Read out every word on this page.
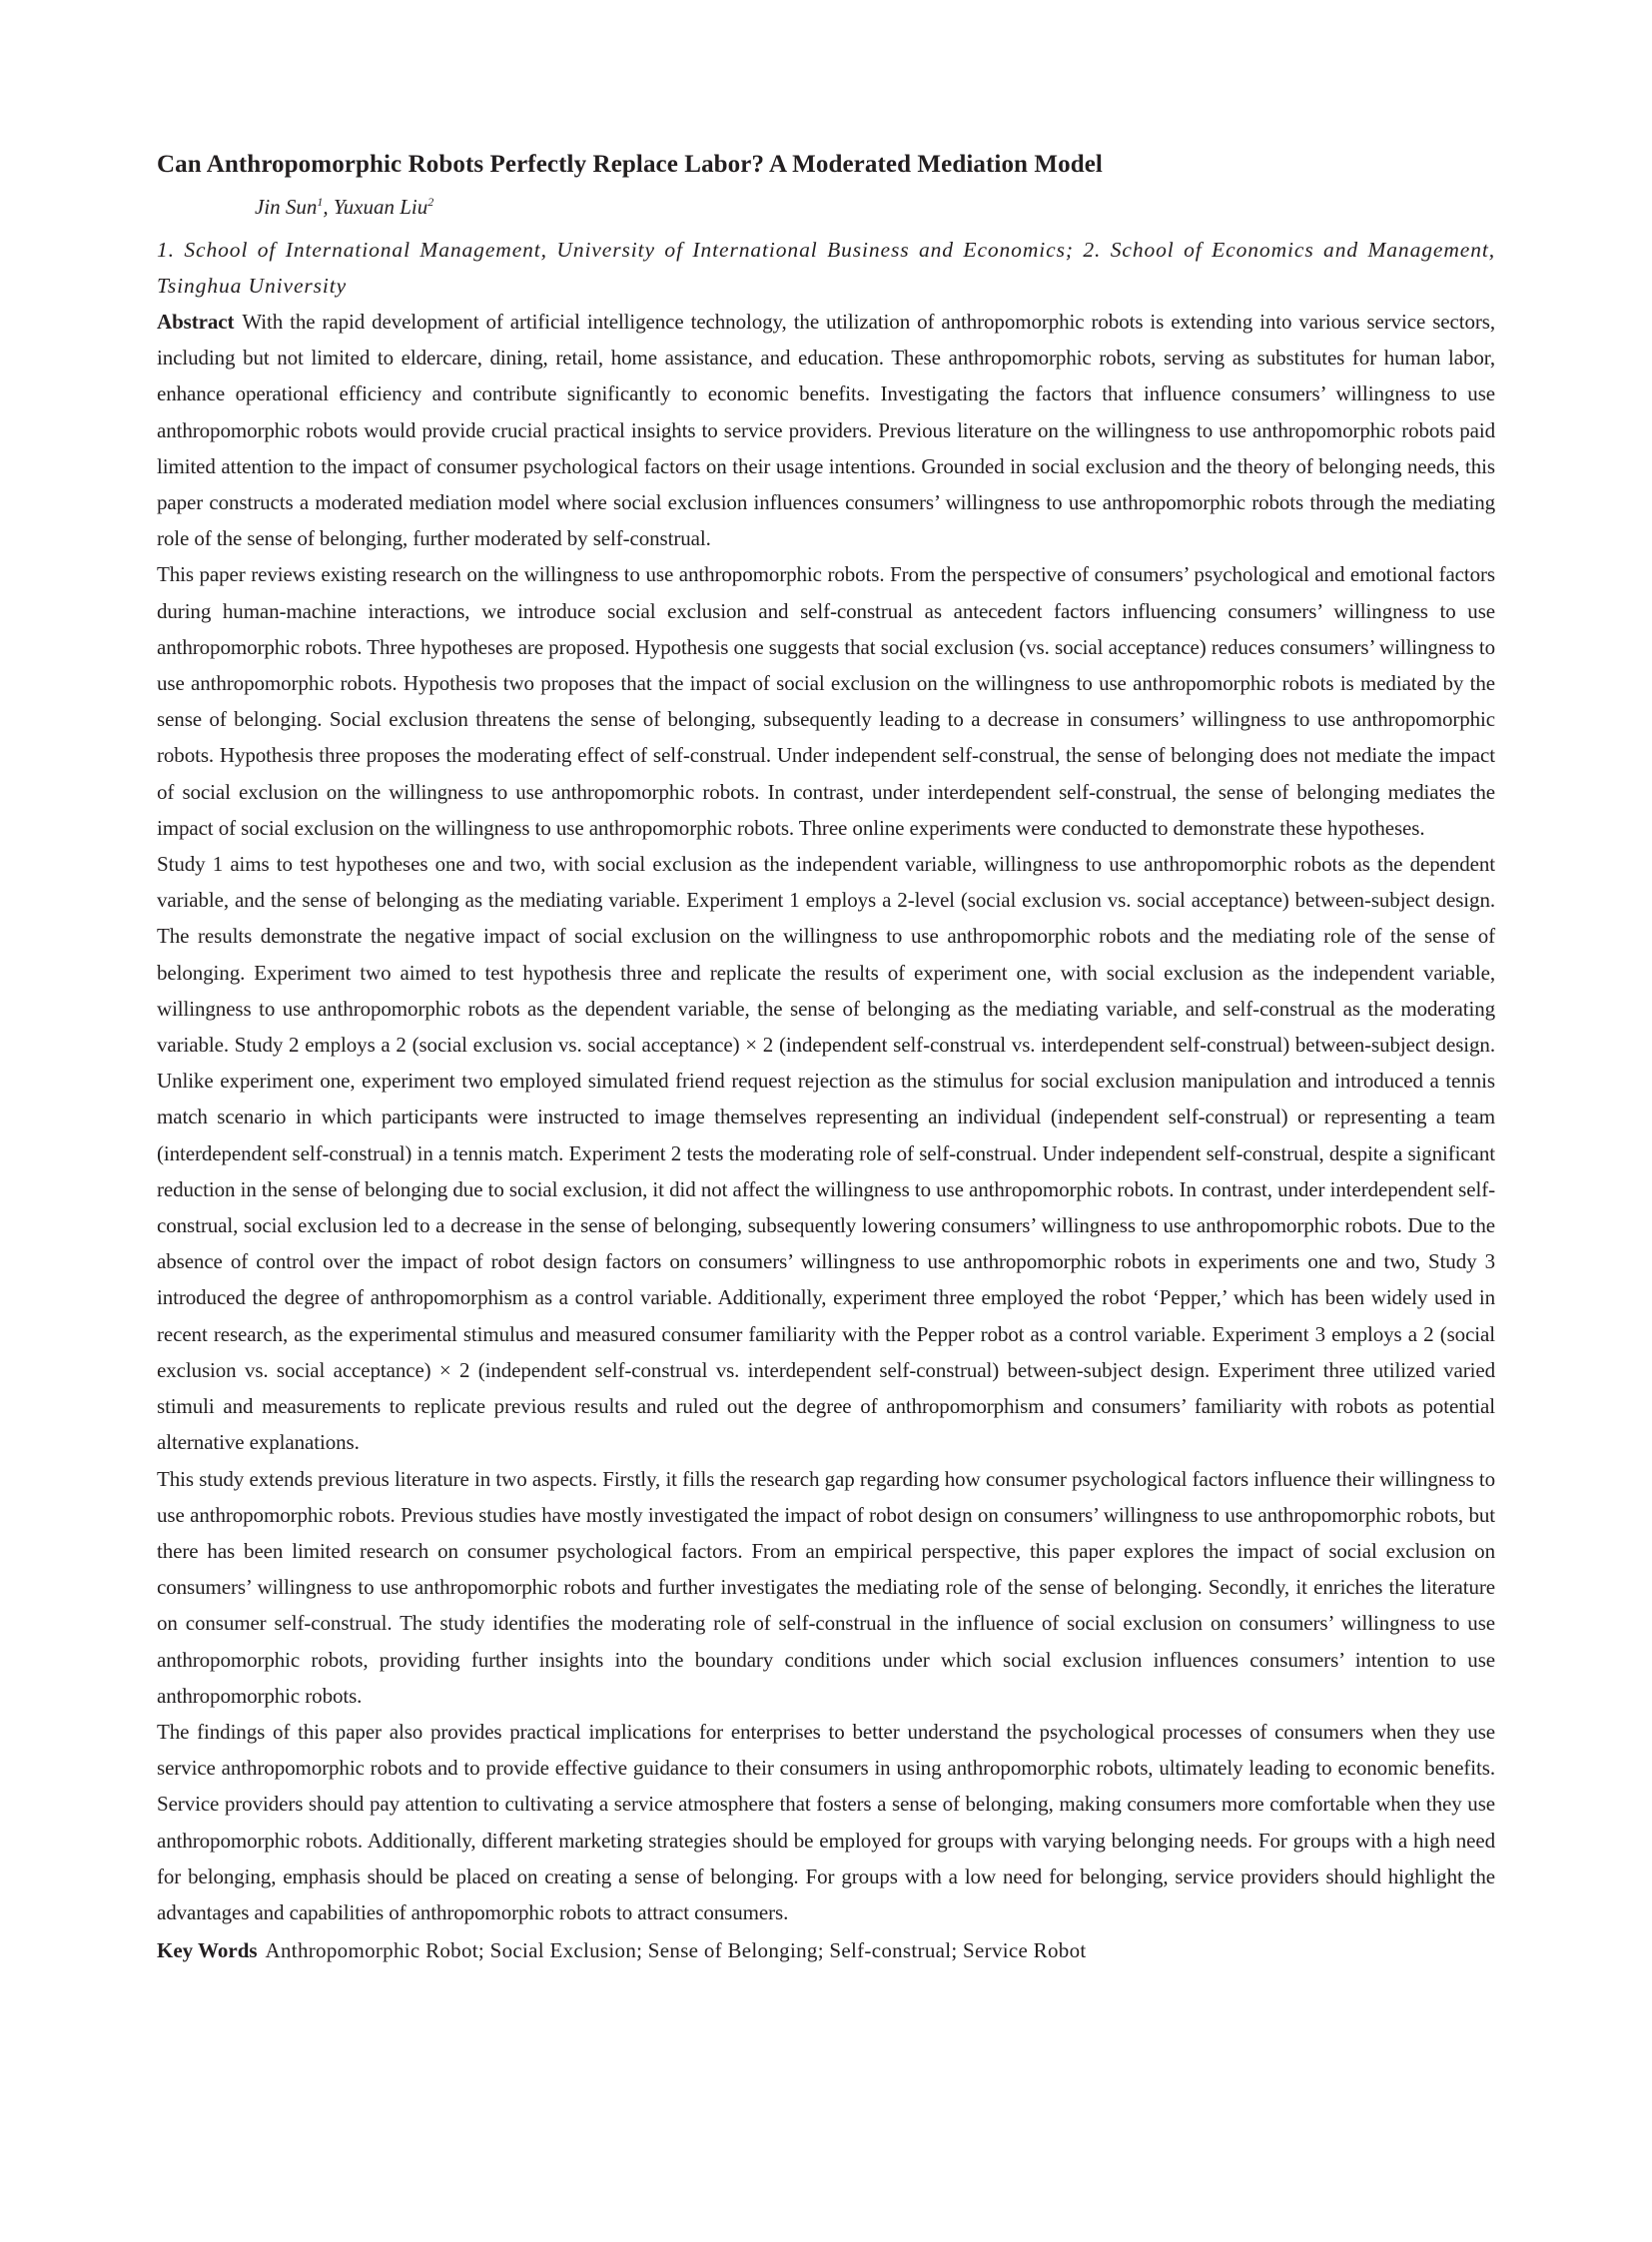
Can Anthropomorphic Robots Perfectly Replace Labor? A Moderated Mediation Model
Jin Sun$^1$, Yuxuan Liu$^2$

1. School of International Management, University of International Business and Economics; 2. School of Economics and Management, Tsinghua University

Abstract With the rapid development of artificial intelligence technology, the utilization of anthropomorphic robots is extending into various service sectors, including but not limited to eldercare, dining, retail, home assistance, and education. These anthropomorphic robots, serving as substitutes for human labor, enhance operational efficiency and contribute significantly to economic benefits. Investigating the factors that influence consumers’ willingness to use anthropomorphic robots would provide crucial practical insights to service providers. Previous literature on the willingness to use anthropomorphic robots paid limited attention to the impact of consumer psychological factors on their usage intentions. Grounded in social exclusion and the theory of belonging needs, this paper constructs a moderated mediation model where social exclusion influences consumers’ willingness to use anthropomorphic robots through the mediating role of the sense of belonging, further moderated by self-construal.

This paper reviews existing research on the willingness to use anthropomorphic robots. From the perspective of consumers’ psychological and emotional factors during human-machine interactions, we introduce social exclusion and self-construal as antecedent factors influencing consumers’ willingness to use anthropomorphic robots. Three hypotheses are proposed. Hypothesis one suggests that social exclusion (vs. social acceptance) reduces consumers’ willingness to use anthropomorphic robots. Hypothesis two proposes that the impact of social exclusion on the willingness to use anthropomorphic robots is mediated by the sense of belonging. Social exclusion threatens the sense of belonging, subsequently leading to a decrease in consumers’ willingness to use anthropomorphic robots. Hypothesis three proposes the moderating effect of self-construal. Under independent self-construal, the sense of belonging does not mediate the impact of social exclusion on the willingness to use anthropomorphic robots. In contrast, under interdependent self-construal, the sense of belonging mediates the impact of social exclusion on the willingness to use anthropomorphic robots. Three online experiments were conducted to demonstrate these hypotheses.

Study 1 aims to test hypotheses one and two, with social exclusion as the independent variable, willingness to use anthropomorphic robots as the dependent variable, and the sense of belonging as the mediating variable. Experiment 1 employs a 2-level (social exclusion vs. social acceptance) between-subject design. The results demonstrate the negative impact of social exclusion on the willingness to use anthropomorphic robots and the mediating role of the sense of belonging. Experiment two aimed to test hypothesis three and replicate the results of experiment one, with social exclusion as the independent variable, willingness to use anthropomorphic robots as the dependent variable, the sense of belonging as the mediating variable, and self-construal as the moderating variable. Study 2 employs a 2 (social exclusion vs. social acceptance) × 2 (independent self-construal vs. interdependent self-construal) between-subject design. Unlike experiment one, experiment two employed simulated friend request rejection as the stimulus for social exclusion manipulation and introduced a tennis match scenario in which participants were instructed to image themselves representing an individual (independent self-construal) or representing a team (interdependent self-construal) in a tennis match. Experiment 2 tests the moderating role of self-construal. Under independent self-construal, despite a significant reduction in the sense of belonging due to social exclusion, it did not affect the willingness to use anthropomorphic robots. In contrast, under interdependent self-construal, social exclusion led to a decrease in the sense of belonging, subsequently lowering consumers’ willingness to use anthropomorphic robots. Due to the absence of control over the impact of robot design factors on consumers’ willingness to use anthropomorphic robots in experiments one and two, Study 3 introduced the degree of anthropomorphism as a control variable. Additionally, experiment three employed the robot ‘Pepper,’ which has been widely used in recent research, as the experimental stimulus and measured consumer familiarity with the Pepper robot as a control variable. Experiment 3 employs a 2 (social exclusion vs. social acceptance) × 2 (independent self-construal vs. interdependent self-construal) between-subject design. Experiment three utilized varied stimuli and measurements to replicate previous results and ruled out the degree of anthropomorphism and consumers’ familiarity with robots as potential alternative explanations.

This study extends previous literature in two aspects. Firstly, it fills the research gap regarding how consumer psychological factors influence their willingness to use anthropomorphic robots. Previous studies have mostly investigated the impact of robot design on consumers’ willingness to use anthropomorphic robots, but there has been limited research on consumer psychological factors. From an empirical perspective, this paper explores the impact of social exclusion on consumers’ willingness to use anthropomorphic robots and further investigates the mediating role of the sense of belonging. Secondly, it enriches the literature on consumer self-construal. The study identifies the moderating role of self-construal in the influence of social exclusion on consumers’ willingness to use anthropomorphic robots, providing further insights into the boundary conditions under which social exclusion influences consumers’ intention to use anthropomorphic robots.

The findings of this paper also provides practical implications for enterprises to better understand the psychological processes of consumers when they use service anthropomorphic robots and to provide effective guidance to their consumers in using anthropomorphic robots, ultimately leading to economic benefits. Service providers should pay attention to cultivating a service atmosphere that fosters a sense of belonging, making consumers more comfortable when they use anthropomorphic robots. Additionally, different marketing strategies should be employed for groups with varying belonging needs. For groups with a high need for belonging, emphasis should be placed on creating a sense of belonging. For groups with a low need for belonging, service providers should highlight the advantages and capabilities of anthropomorphic robots to attract consumers.

Key Words Anthropomorphic Robot; Social Exclusion; Sense of Belonging; Self-construal; Service Robot
